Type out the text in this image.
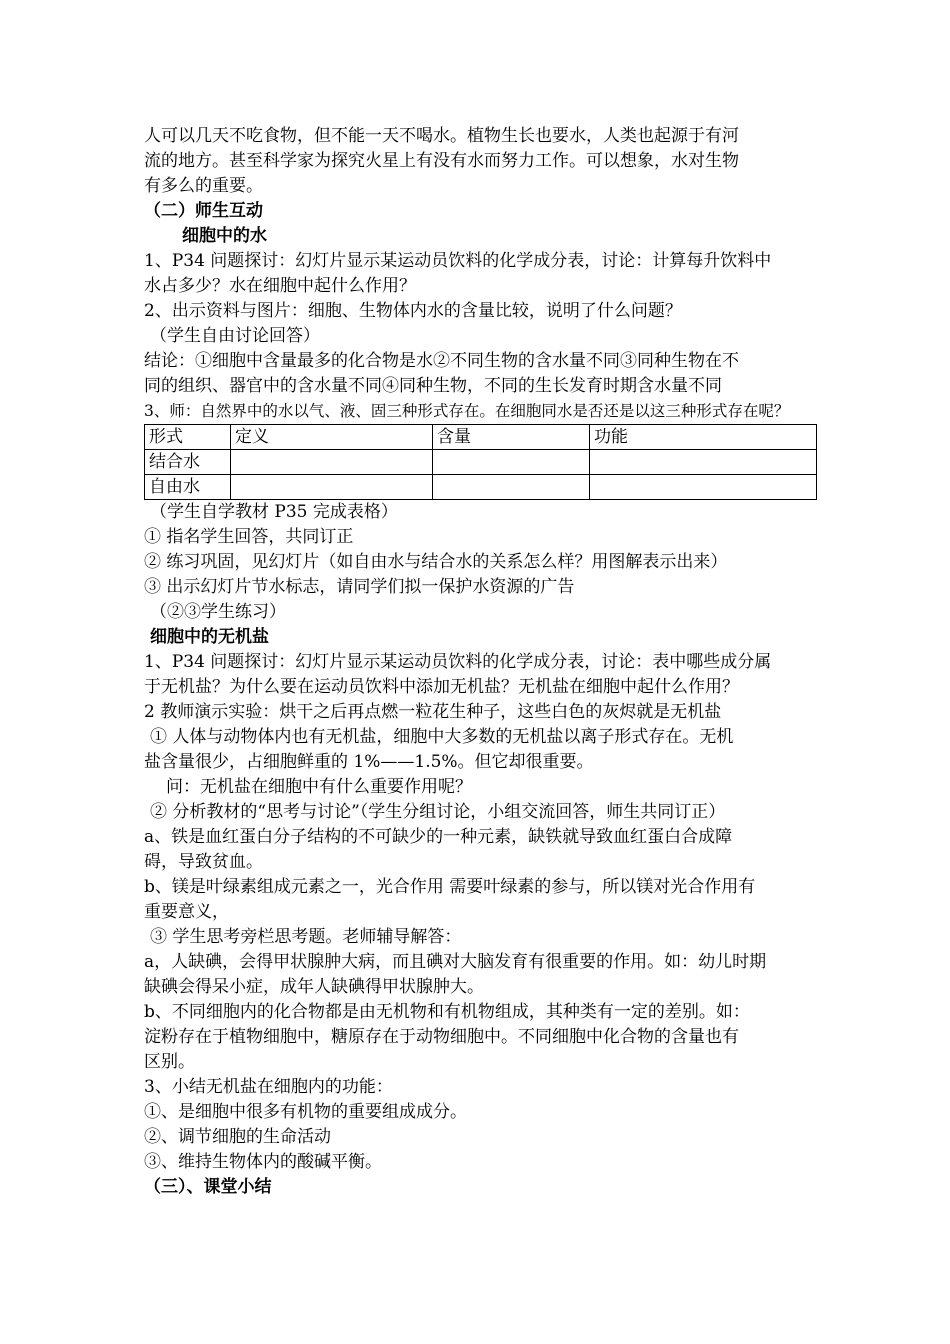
人可以几天不吃食物，但不能一天不喝水。植物生长也要水，人类也起源于有河
流的地方。甚至科学家为探究火星上有没有水而努力工作。可以想象，水对生物
有多么的重要。
（二）师生互动
细胞中的水
1、P34 问题探讨：幻灯片显示某运动员饮料的化学成分表，讨论：计算每升饮料中
水占多少？水在细胞中起什么作用？
2、出示资料与图片：细胞、生物体内水的含量比较，说明了什么问题？
（学生自由讨论回答）
结论：①细胞中含量最多的化合物是水②不同生物的含水量不同③同种生物在不
同的组织、器官中的含水量不同④同种生物，不同的生长发育时期含水量不同
3、师：自然界中的水以气、液、固三种形式存在。在细胞同水是否还是以这三种形式存在呢？
形式	定义	含量	功能
结合水			
自由水			
（学生自学教材 P35 完成表格）
① 指名学生回答，共同订正
② 练习巩固，见幻灯片（如自由水与结合水的关系怎么样？用图解表示出来）
③ 出示幻灯片节水标志，请同学们拟一保护水资源的广告
（②③学生练习）
细胞中的无机盐
1、P34 问题探讨：幻灯片显示某运动员饮料的化学成分表，讨论：表中哪些成分属
于无机盐？为什么要在运动员饮料中添加无机盐？无机盐在细胞中起什么作用？
2 教师演示实验：烘干之后再点燃一粒花生种子，这些白色的灰烬就是无机盐
① 人体与动物体内也有无机盐，细胞中大多数的无机盐以离子形式存在。无机
盐含量很少，占细胞鲜重的 1%——1.5%。但它却很重要。
问：无机盐在细胞中有什么重要作用呢？
② 分析教材的“思考与讨论”（学生分组讨论，小组交流回答，师生共同订正）
a、铁是血红蛋白分子结构的不可缺少的一种元素，缺铁就导致血红蛋白合成障
碍，导致贫血。
b、镁是叶绿素组成元素之一，光合作用 需要叶绿素的参与，所以镁对光合作用有
重要意义，
③ 学生思考旁栏思考题。老师辅导解答：
a，人缺碘，会得甲状腺肿大病，而且碘对大脑发育有很重要的作用。如：幼儿时期
缺碘会得呆小症，成年人缺碘得甲状腺肿大。
b、不同细胞内的化合物都是由无机物和有机物组成，其种类有一定的差别。如：
淀粉存在于植物细胞中，糖原存在于动物细胞中。不同细胞中化合物的含量也有
区别。
3、小结无机盐在细胞内的功能：
①、是细胞中很多有机物的重要组成成分。
②、调节细胞的生命活动
③、维持生物体内的酸碱平衡。
（三）、课堂小结
